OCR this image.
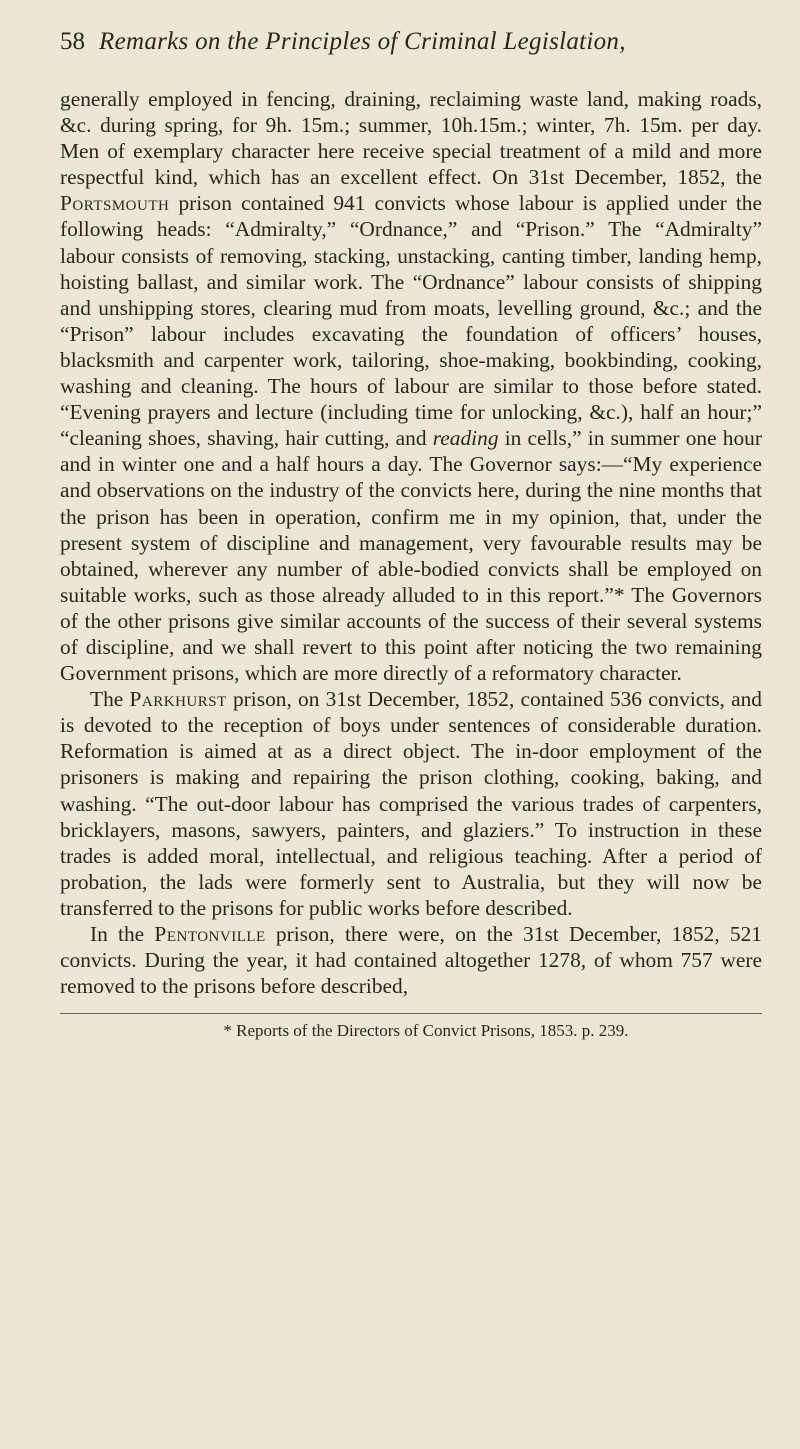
58 Remarks on the Principles of Criminal Legislation,

generally employed in fencing, draining, reclaiming waste land, making roads, &c. during spring, for 9h. 15m.; summer, 10h.15m.; winter, 7h. 15m. per day. Men of exemplary character here receive special treatment of a mild and more respectful kind, which has an excellent effect. On 31st December, 1852, the Portsmouth prison contained 941 convicts whose labour is applied under the following heads: “Admiralty,” “Ordnance,” and “Prison.” The “Admiralty” labour consists of removing, stacking, unstacking, canting timber, landing hemp, hoisting ballast, and similar work. The “Ordnance” labour consists of shipping and unshipping stores, clearing mud from moats, levelling ground, &c.; and the “Prison” labour includes excavating the foundation of officers’ houses, blacksmith and carpenter work, tailoring, shoe-making, bookbinding, cooking, washing and cleaning. The hours of labour are similar to those before stated. “Evening prayers and lecture (including time for unlocking, &c.), half an hour;” “cleaning shoes, shaving, hair cutting, and reading in cells,” in summer one hour and in winter one and a half hours a day. The Governor says:—“My experience and observations on the industry of the convicts here, during the nine months that the prison has been in operation, confirm me in my opinion, that, under the present system of discipline and management, very favourable results may be obtained, wherever any number of able-bodied convicts shall be employed on suitable works, such as those already alluded to in this report.”* The Governors of the other prisons give similar accounts of the success of their several systems of discipline, and we shall revert to this point after noticing the two remaining Government prisons, which are more directly of a reformatory character.

The Parkhurst prison, on 31st December, 1852, contained 536 convicts, and is devoted to the reception of boys under sentences of considerable duration. Reformation is aimed at as a direct object. The in-door employment of the prisoners is making and repairing the prison clothing, cooking, baking, and washing. “The out-door labour has comprised the various trades of carpenters, bricklayers, masons, sawyers, painters, and glaziers.” To instruction in these trades is added moral, intellectual, and religious teaching. After a period of probation, the lads were formerly sent to Australia, but they will now be transferred to the prisons for public works before described.

In the Pentonville prison, there were, on the 31st December, 1852, 521 convicts. During the year, it had contained altogether 1278, of whom 757 were removed to the prisons before described,

* Reports of the Directors of Convict Prisons, 1853. p. 239.
